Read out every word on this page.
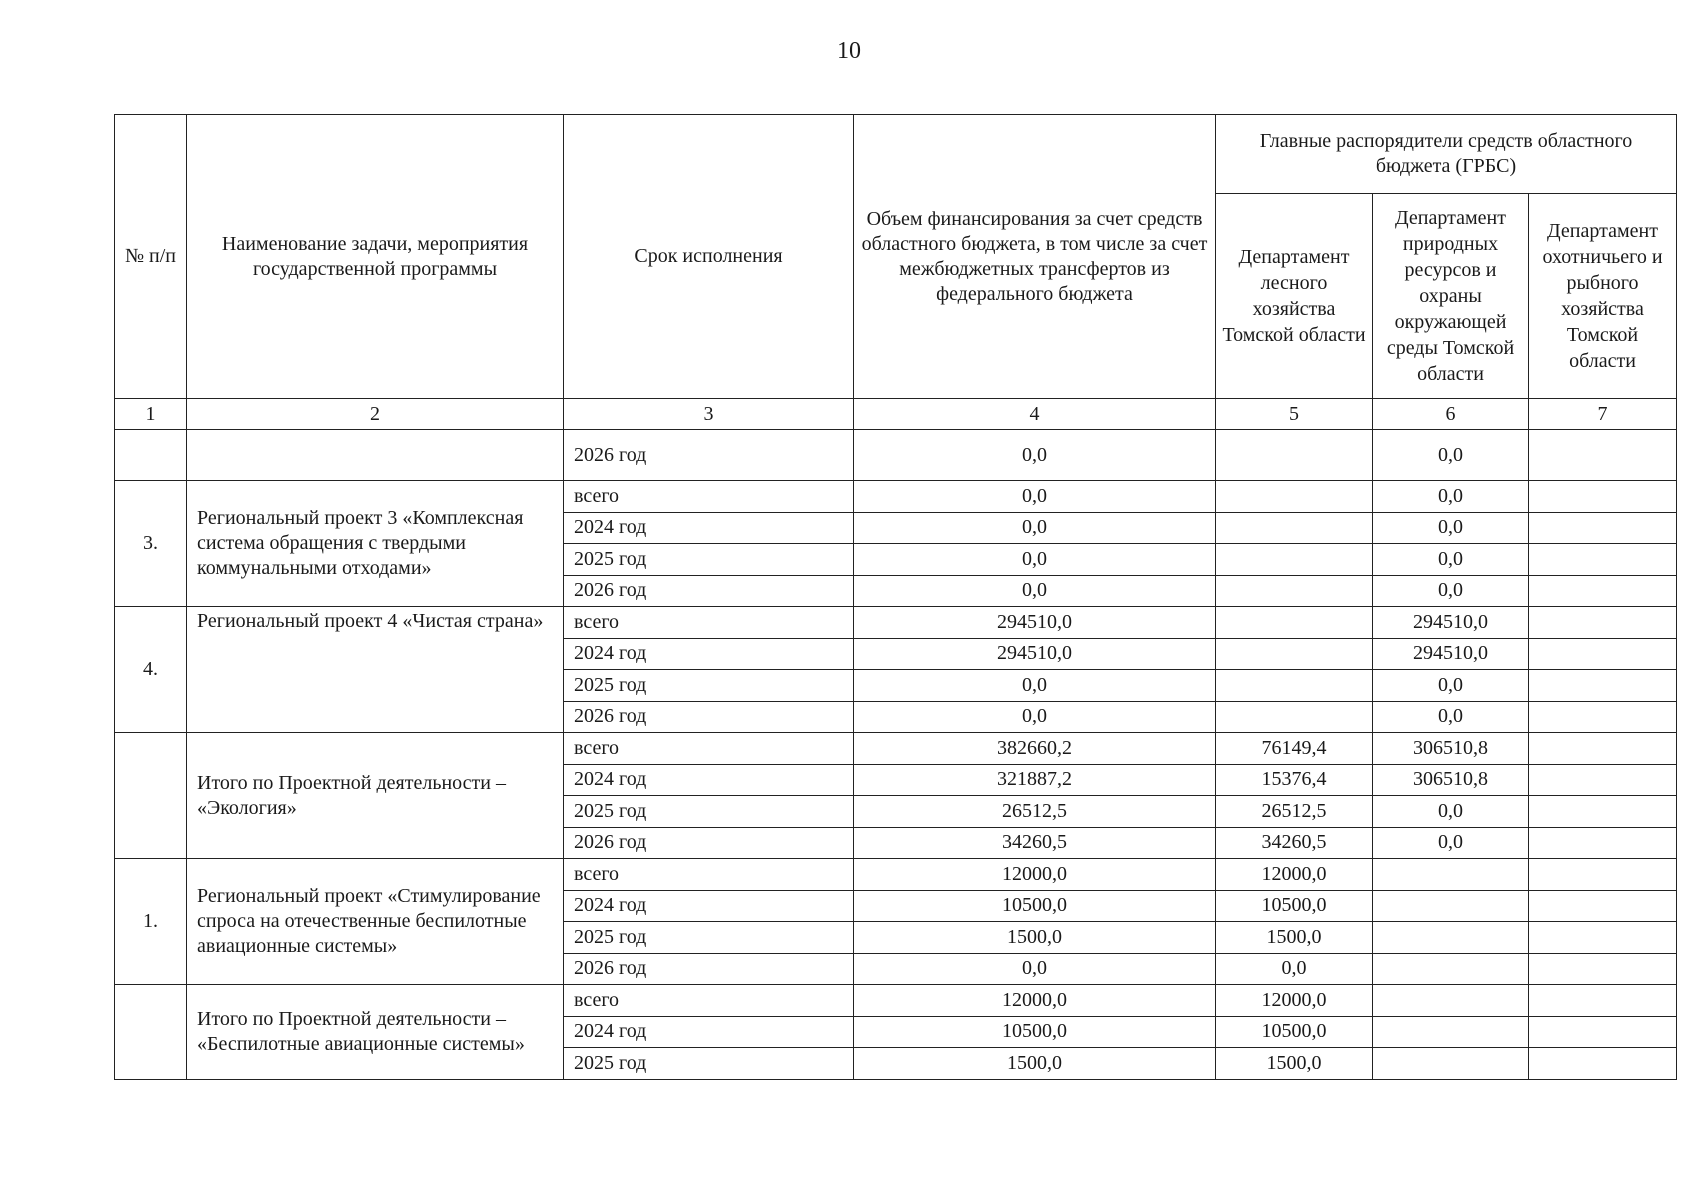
10
№ п/п	Наименование задачи, мероприятия государственной программы	Срок исполнения	Объем финансирования за счет средств областного бюджета, в том числе за счет межбюджетных трансфертов из федерального бюджета	Главные распорядители средств областного бюджета (ГРБС)		
				Департамент лесного хозяйства Томской области	Департамент природных ресурсов и охраны окружающей среды Томской области	Департамент охотничьего и рыбного хозяйства Томской области
1	2	3	4	5	6	7
		2026 год	0,0		0,0	
3.	Региональный проект 3 «Комплексная система обращения с твердыми коммунальными отходами»	всего	0,0		0,0	
		2024 год	0,0		0,0	
		2025 год	0,0		0,0	
		2026 год	0,0		0,0	
4.	Региональный проект 4 «Чистая страна»	всего	294510,0		294510,0	
		2024 год	294510,0		294510,0	
		2025 год	0,0		0,0	
		2026 год	0,0		0,0	
	Итого по Проектной деятельности – «Экология»	всего	382660,2	76149,4	306510,8	
		2024 год	321887,2	15376,4	306510,8	
		2025 год	26512,5	26512,5	0,0	
		2026 год	34260,5	34260,5	0,0	
1.	Региональный проект «Стимулирование спроса на отечественные беспилотные авиационные системы»	всего	12000,0	12000,0		
		2024 год	10500,0	10500,0		
		2025 год	1500,0	1500,0		
		2026 год	0,0	0,0		
	Итого по Проектной деятельности – «Беспилотные авиационные системы»	всего	12000,0	12000,0		
		2024 год	10500,0	10500,0		
		2025 год	1500,0	1500,0		
